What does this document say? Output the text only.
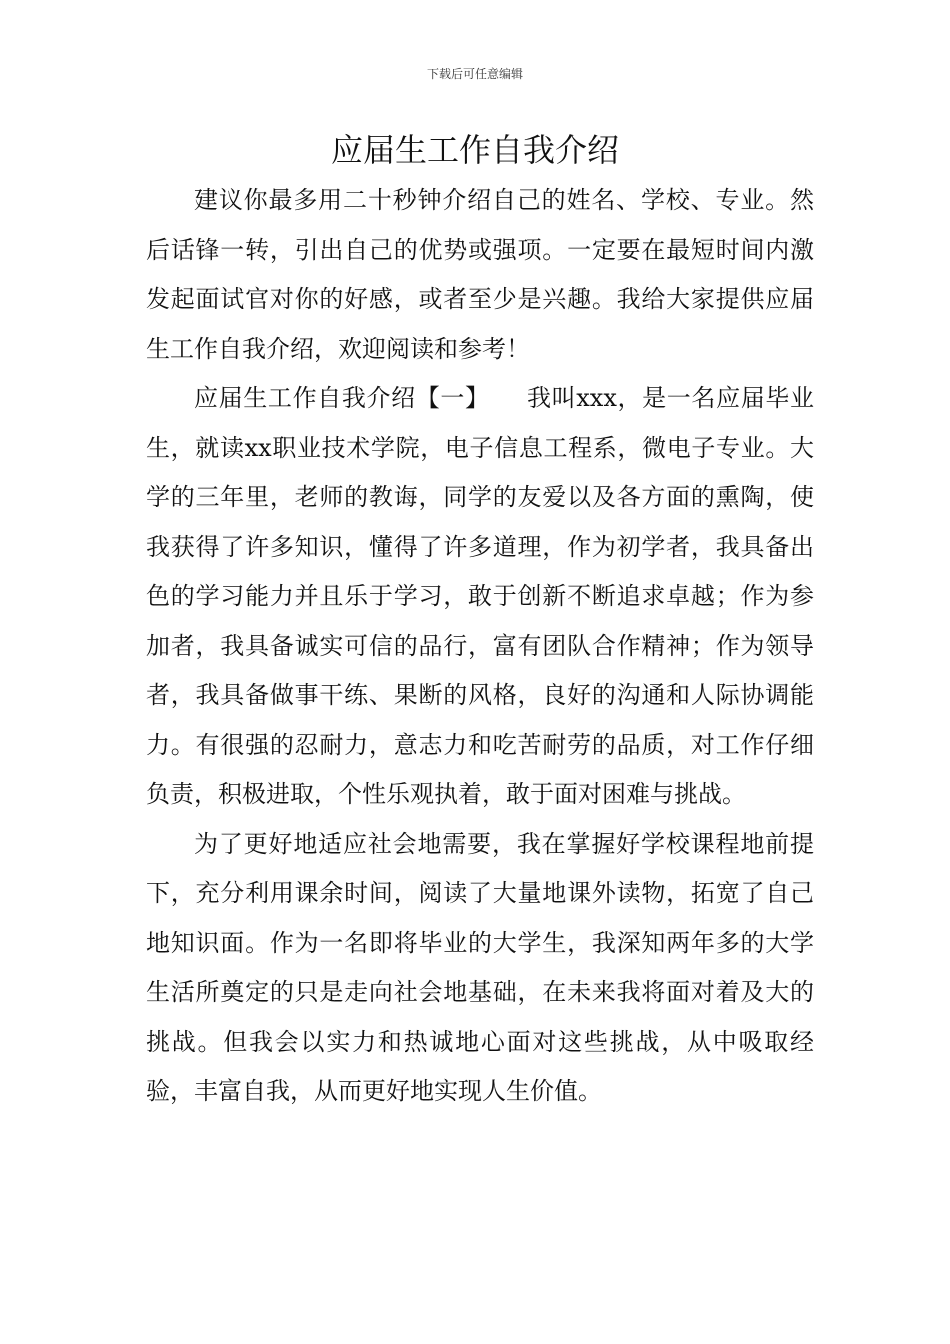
下载后可任意编辑
应届生工作自我介绍

建议你最多用二十秒钟介绍自己的姓名、学校、专业。然后话锋一转，引出自己的优势或强项。一定要在最短时间内激发起面试官对你的好感，或者至少是兴趣。我给大家提供应届生工作自我介绍，欢迎阅读和参考！

应届生工作自我介绍【一】　　我叫xxx，是一名应届毕业生，就读xx职业技术学院，电子信息工程系，微电子专业。大学的三年里，老师的教诲，同学的友爱以及各方面的熏陶，使我获得了许多知识，懂得了许多道理，作为初学者，我具备出色的学习能力并且乐于学习，敢于创新不断追求卓越；作为参加者，我具备诚实可信的品行，富有团队合作精神；作为领导者，我具备做事干练、果断的风格，良好的沟通和人际协调能力。有很强的忍耐力，意志力和吃苦耐劳的品质，对工作仔细负责，积极进取，个性乐观执着，敢于面对困难与挑战。

为了更好地适应社会地需要，我在掌握好学校课程地前提下，充分利用课余时间，阅读了大量地课外读物，拓宽了自己地知识面。作为一名即将毕业的大学生，我深知两年多的大学生活所奠定的只是走向社会地基础，在未来我将面对着及大的挑战。但我会以实力和热诚地心面对这些挑战，从中吸取经验，丰富自我，从而更好地实现人生价值。
